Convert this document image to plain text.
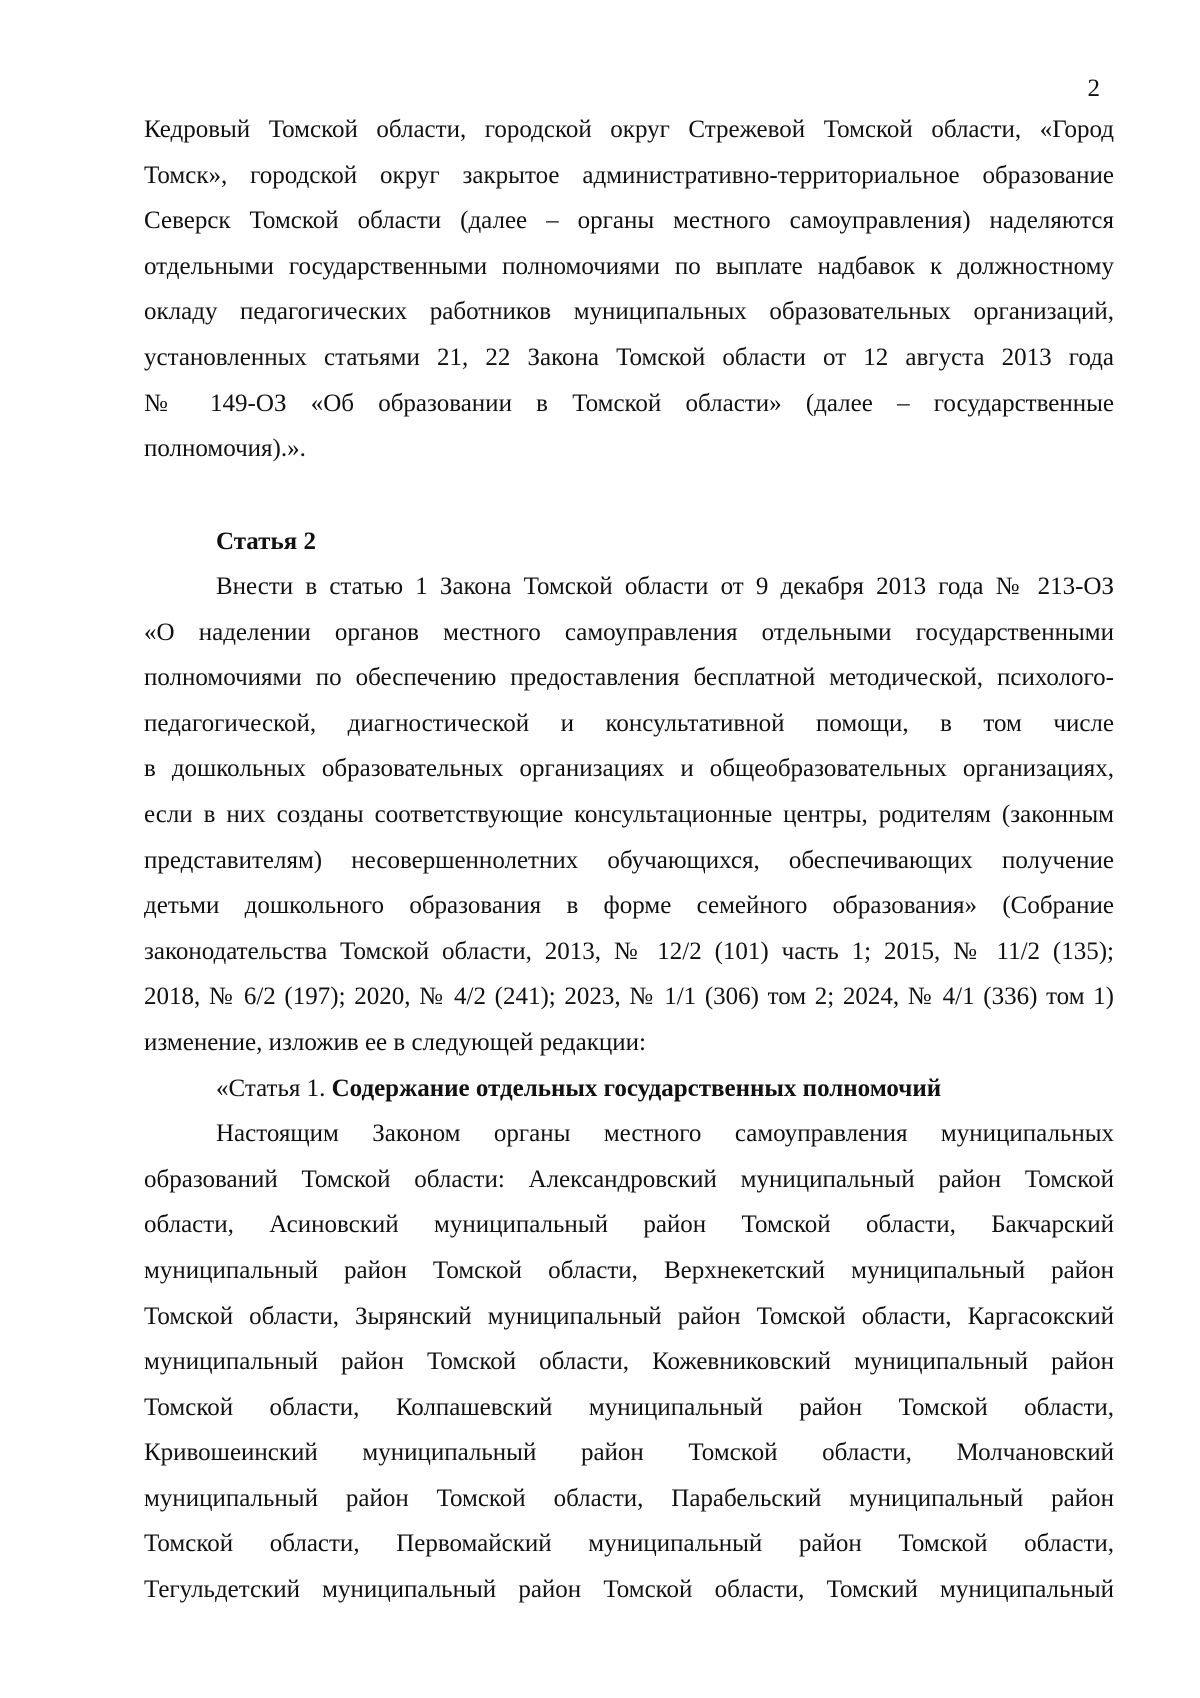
2
Кедровый Томской области, городской округ Стрежевой Томской области, «Город
Томск», городской округ закрытое административно-территориальное образование
Северск Томской области (далее – органы местного самоуправления) наделяются
отдельными государственными полномочиями по выплате надбавок к должностному
окладу педагогических работников муниципальных образовательных организаций,
установленных статьями 21, 22 Закона Томской области от 12 августа 2013 года
№ 149-ОЗ «Об образовании в Томской области» (далее – государственные
полномочия).».
Статья 2
Внести в статью 1 Закона Томской области от 9 декабря 2013 года № 213-ОЗ
«О наделении органов местного самоуправления отдельными государственными
полномочиями по обеспечению предоставления бесплатной методической, психолого-
педагогической, диагностической и консультативной помощи, в том числе
в дошкольных образовательных организациях и общеобразовательных организациях,
если в них созданы соответствующие консультационные центры, родителям (законным
представителям) несовершеннолетних обучающихся, обеспечивающих получение
детьми дошкольного образования в форме семейного образования» (Собрание
законодательства Томской области, 2013, № 12/2 (101) часть 1; 2015, № 11/2 (135);
2018, № 6/2 (197); 2020, № 4/2 (241); 2023, № 1/1 (306) том 2; 2024, № 4/1 (336) том 1)
изменение, изложив ее в следующей редакции:
«Статья 1. Содержание отдельных государственных полномочий
Настоящим Законом органы местного самоуправления муниципальных
образований Томской области: Александровский муниципальный район Томской
области, Асиновский муниципальный район Томской области, Бакчарский
муниципальный район Томской области, Верхнекетский муниципальный район
Томской области, Зырянский муниципальный район Томской области, Каргасокский
муниципальный район Томской области, Кожевниковский муниципальный район
Томской области, Колпашевский муниципальный район Томской области,
Кривошеинский муниципальный район Томской области, Молчановский
муниципальный район Томской области, Парабельский муниципальный район
Томской области, Первомайский муниципальный район Томской области,
Тегульдетский муниципальный район Томской области, Томский муниципальный
